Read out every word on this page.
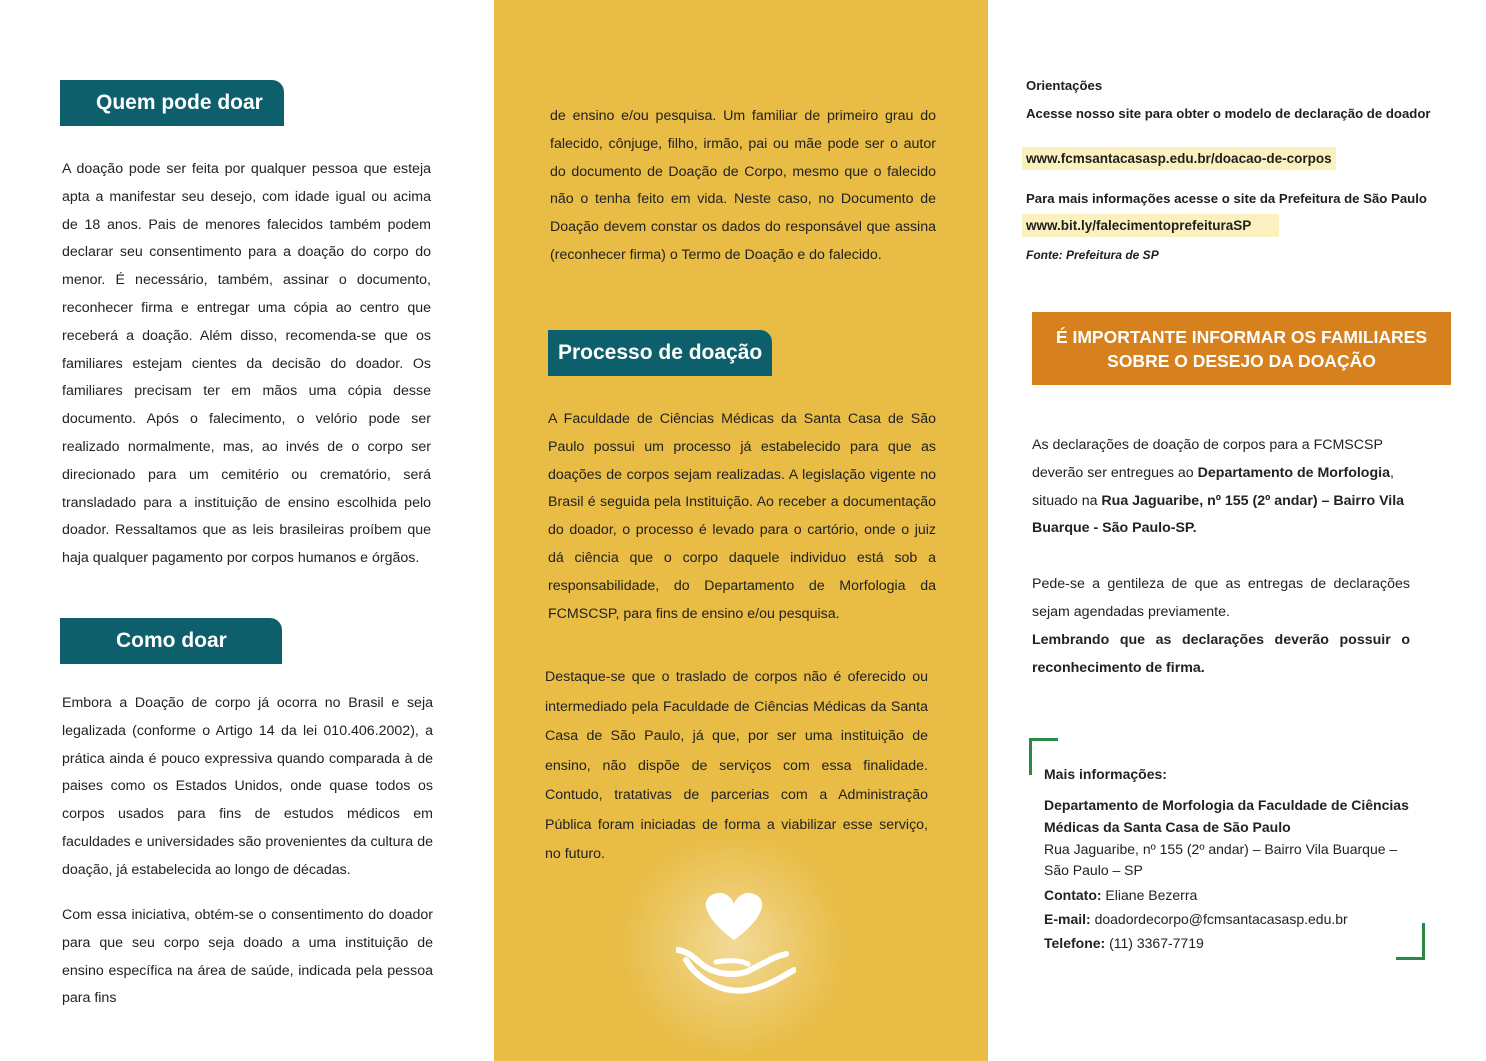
Quem pode doar

A doação pode ser feita por qualquer pessoa que esteja apta a manifestar seu desejo, com idade igual ou acima de 18 anos. Pais de menores falecidos também podem declarar seu consentimento para a doação do corpo do menor. É necessário, também, assinar o documento, reconhecer firma e entregar uma cópia ao centro que receberá a doação. Além disso, recomenda-se que os familiares estejam cientes da decisão do doador. Os familiares precisam ter em mãos uma cópia desse documento. Após o falecimento, o velório pode ser realizado normalmente, mas, ao invés de o corpo ser direcionado para um cemitério ou crematório, será transladado para a instituição de ensino escolhida pelo doador. Ressaltamos que as leis brasileiras proíbem que haja qualquer pagamento por corpos humanos e órgãos.

Como doar

Embora a Doação de corpo já ocorra no Brasil e seja legalizada (conforme o Artigo 14 da lei 010.406.2002), a prática ainda é pouco expressiva quando comparada à de paises como os Estados Unidos, onde quase todos os corpos usados para fins de estudos médicos em faculdades e universidades são provenientes da cultura de doação, já estabelecida ao longo de décadas.

Com essa iniciativa, obtém-se o consentimento do doador para que seu corpo seja doado a uma instituição de ensino específica na área de saúde, indicada pela pessoa para fins

de ensino e/ou pesquisa. Um familiar de primeiro grau do falecido, cônjuge, filho, irmão, pai ou mãe pode ser o autor do documento de Doação de Corpo, mesmo que o falecido não o tenha feito em vida. Neste caso, no Documento de Doação devem constar os dados do responsável que assina (reconhecer firma) o Termo de Doação e do falecido.

Processo de doação

A Faculdade de Ciências Médicas da Santa Casa de São Paulo possui um processo já estabelecido para que as doações de corpos sejam realizadas. A legislação vigente no Brasil é seguida pela Instituição. Ao receber a documentação do doador, o processo é levado para o cartório, onde o juiz dá ciência que o corpo daquele individuo está sob a responsabilidade, do Departamento de Morfologia da FCMSCSP, para fins de ensino e/ou pesquisa.

Destaque-se que o traslado de corpos não é oferecido ou intermediado pela Faculdade de Ciências Médicas da Santa Casa de São Paulo, já que, por ser uma instituição de ensino, não dispõe de serviços com essa finalidade. Contudo, tratativas de parcerias com a Administração Pública foram iniciadas de forma a viabilizar esse serviço, no futuro.

Orientações

Acesse nosso site para obter o modelo de declaração de doador

www.fcmsantacasasp.edu.br/doacao-de-corpos

Para mais informações acesse o site da Prefeitura de São Paulo

www.bit.ly/falecimentoprefeituraSP

Fonte: Prefeitura de SP

É IMPORTANTE INFORMAR OS FAMILIARES
SOBRE O DESEJO DA DOAÇÃO

As declarações de doação de corpos para a FCMSCSP deverão ser entregues ao Departamento de Morfologia, situado na Rua Jaguaribe, nº 155 (2º andar) – Bairro Vila Buarque - São Paulo-SP.

Pede-se a gentileza de que as entregas de declarações sejam agendadas previamente.

Lembrando que as declarações deverão possuir o reconhecimento de firma.

Mais informações:

Departamento de Morfologia da Faculdade de Ciências

Médicas da Santa Casa de São Paulo

Rua Jaguaribe, nº 155 (2º andar) – Bairro Vila Buarque –

São Paulo – SP

Contato: Eliane Bezerra

E-mail: doadordecorpo@fcmsantacasasp.edu.br

Telefone: (11) 3367-7719
